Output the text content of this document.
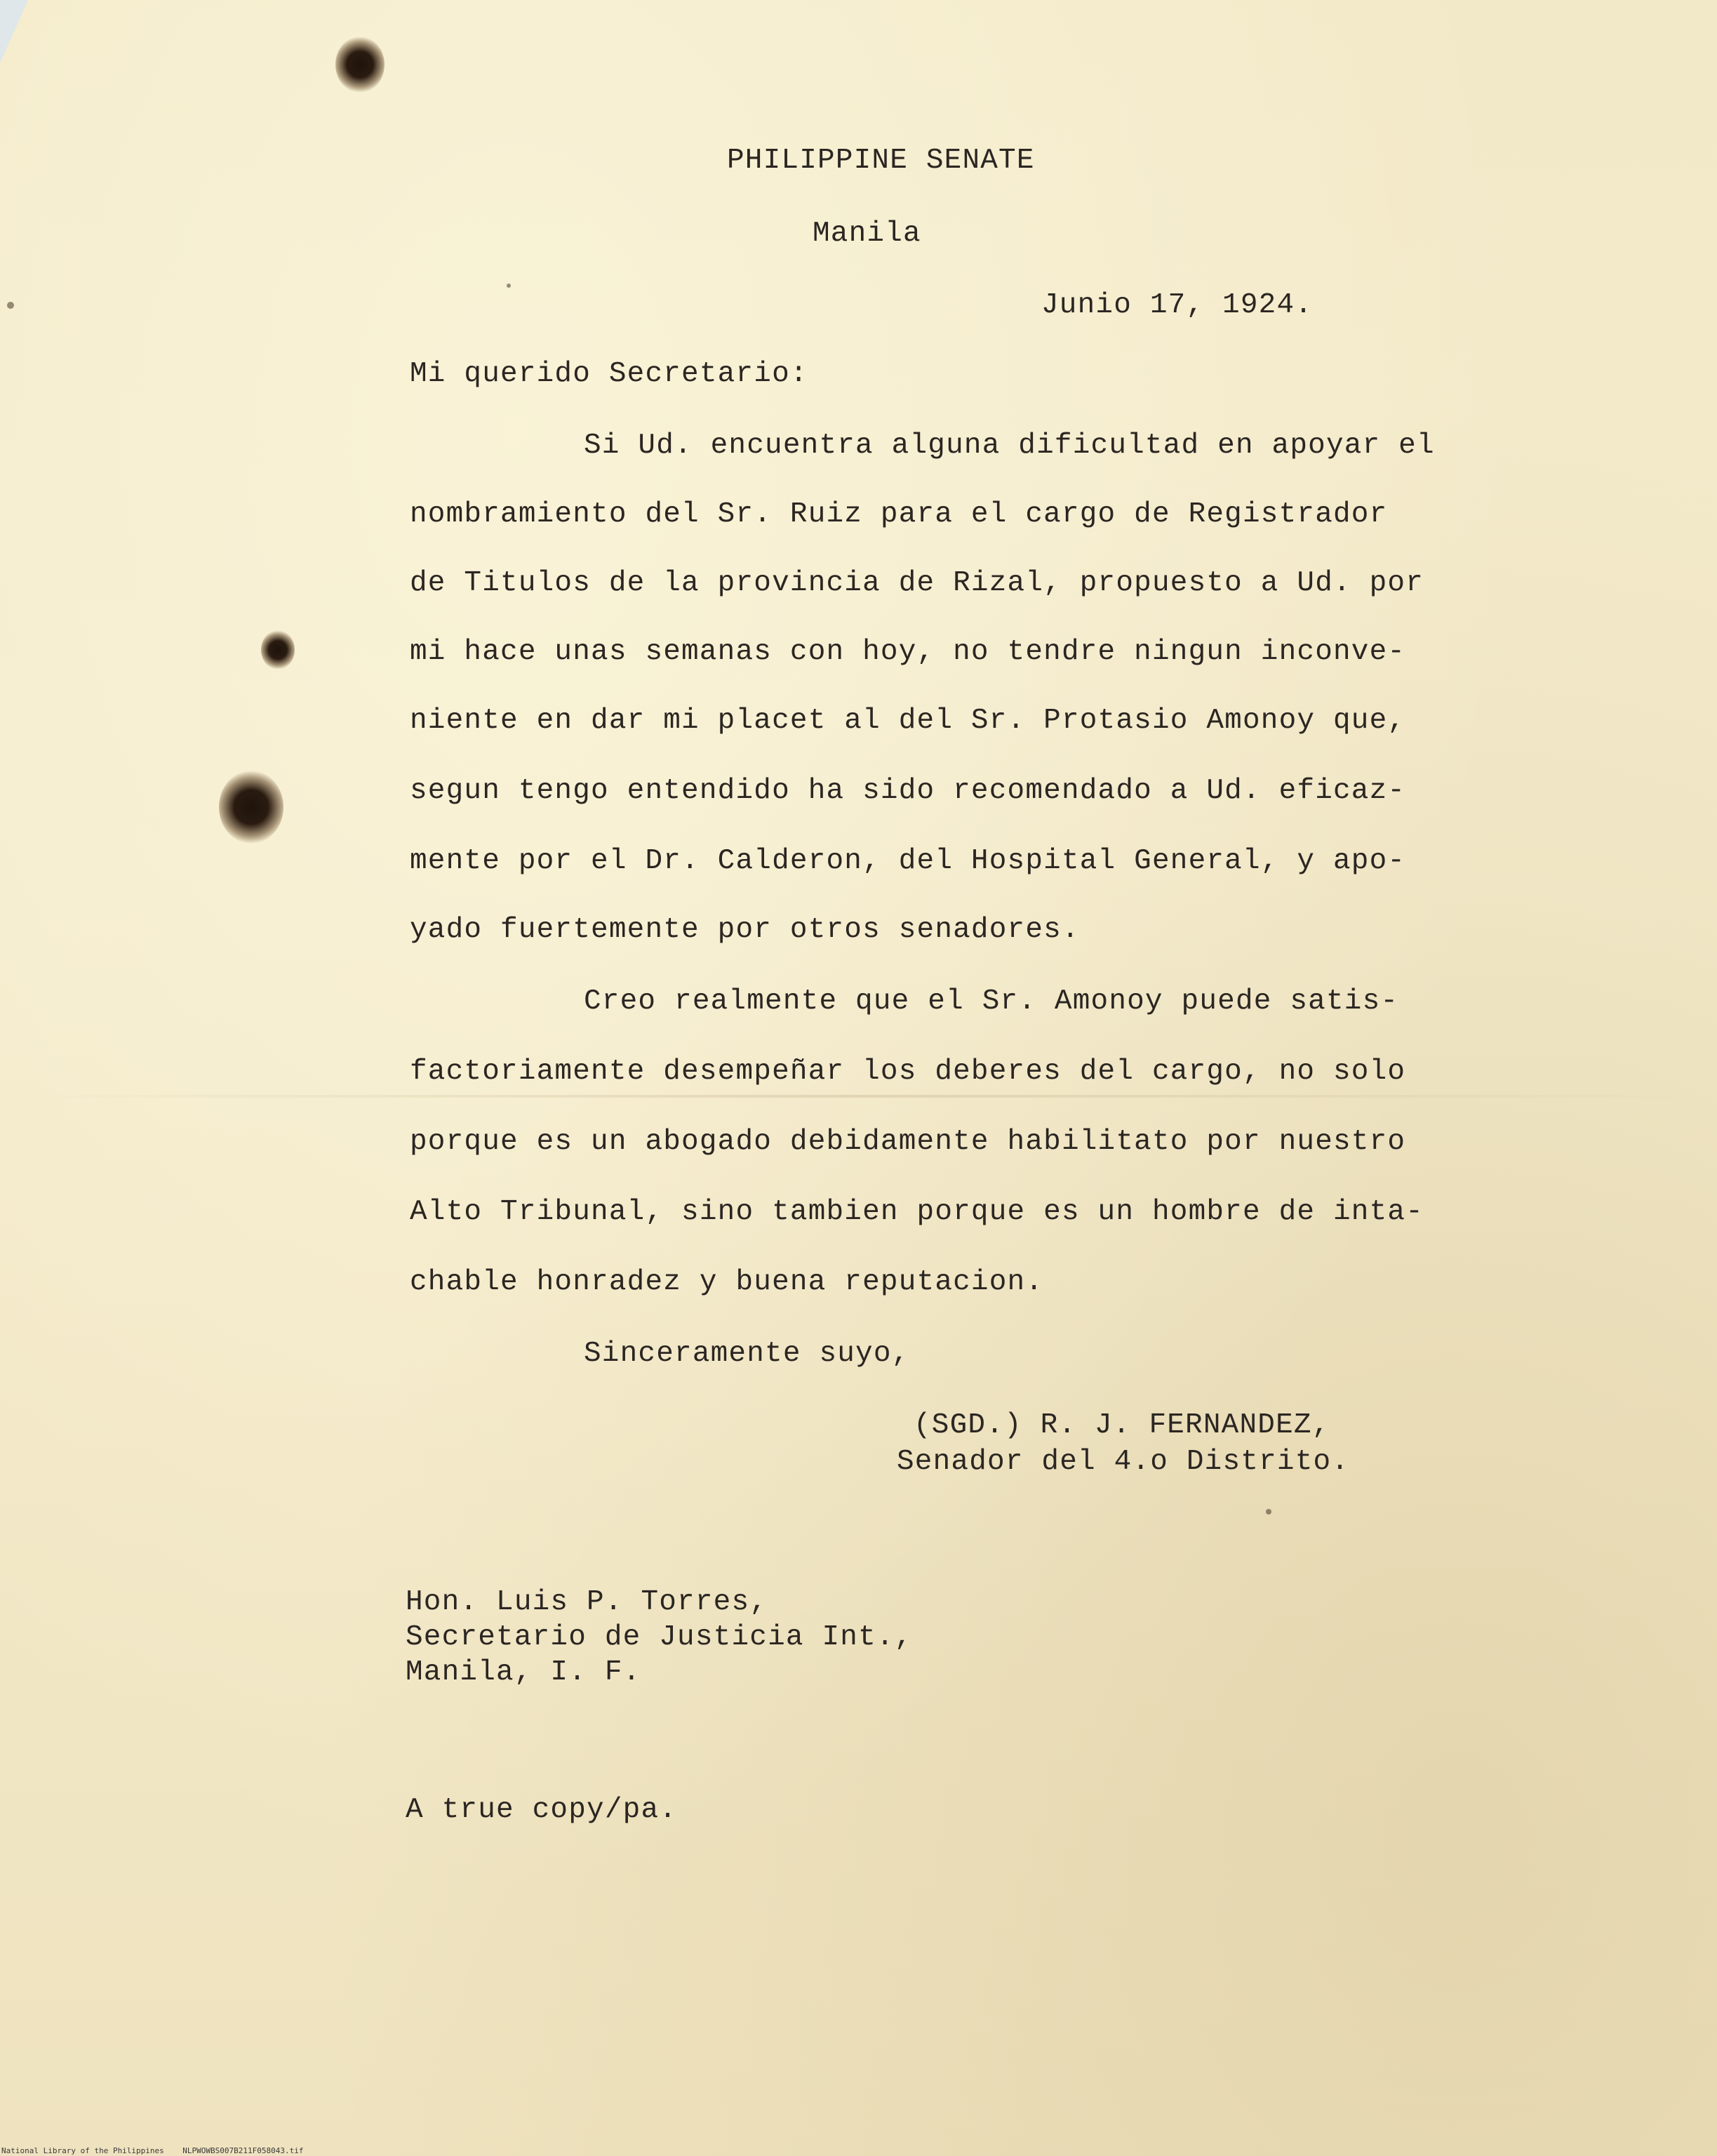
PHILIPPINE SENATE
Manila
Junio 17, 1924.
Mi querido Secretario:
Si Ud. encuentra alguna dificultad en apoyar el
nombramiento del Sr. Ruiz para el cargo de Registrador
de Titulos de la provincia de Rizal, propuesto a Ud. por
mi hace unas semanas con hoy, no tendre ningun inconve-
niente en dar mi placet al del Sr. Protasio Amonoy que,
segun tengo entendido ha sido recomendado a Ud. eficaz-
mente por el Dr. Calderon, del Hospital General, y apo-
yado fuertemente por otros senadores.
Creo realmente que el Sr. Amonoy puede satis-
factoriamente desempeñar los deberes del cargo, no solo
porque es un abogado debidamente habilitato por nuestro
Alto Tribunal, sino tambien porque es un hombre de inta-
chable honradez y buena reputacion.
Sinceramente suyo,
(SGD.) R. J. FERNANDEZ,
Senador del 4.o Distrito.
Hon. Luis P. Torres,
Secretario de Justicia Int.,
Manila, I. F.
A true copy/pa.
National Library of the Philippines NLPWOWBS007B211F058043.tif
